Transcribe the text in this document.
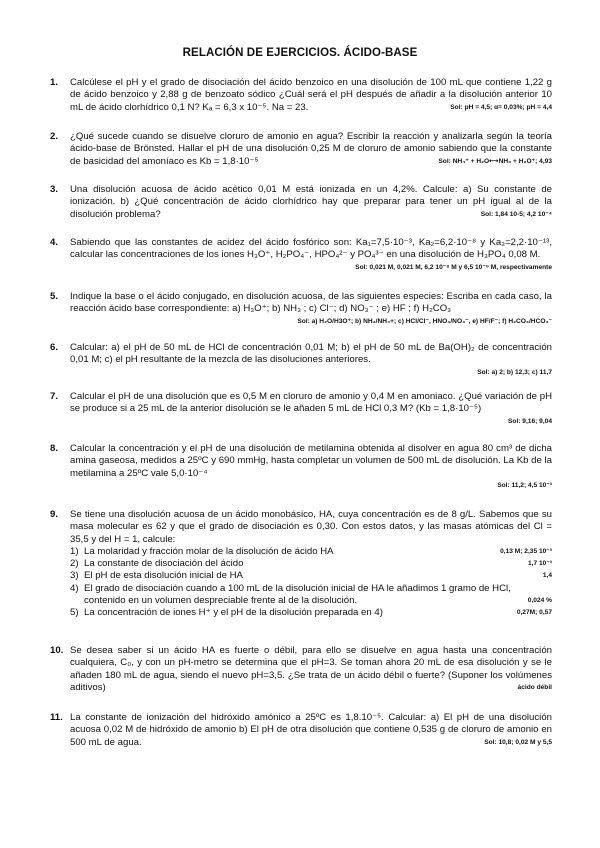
RELACIÓN DE EJERCICIOS. ÁCIDO-BASE
1. Calcúlese el pH y el grado de disociación del ácido benzoico en una disolución de 100 mL que contiene 1,22 g de ácido benzoico y 2,88 g de benzoato sódico ¿Cuál será el pH después de añadir a la disolución anterior 10 mL de ácido clorhídrico 0,1 N? Kₐ = 6,3 x 10⁻⁵. Na = 23.	Sol: pH = 4,5; α= 0,03%; pH = 4,4
2. ¿Qué sucede cuando se disuelve cloruro de amonio en agua? Escribir la reacción y analizarla según la teoría ácido-base de Brönsted. Hallar el pH de una disolución 0,25 M de cloruro de amonio sabiendo que la constante de basicidad del amoníaco es Kb = 1,8·10⁻⁵	Sol: NH₄⁺ + H₂O⟷NH₃ + H₃O⁺; 4,93
3. Una disolución acuosa de ácido acético 0,01 M está ionizada en un 4,2%. Calcule: a) Su constante de ionización. b) ¿Qué concentración de ácido clorhídrico hay que preparar para tener un pH igual al de la disolución problema?	Sol: 1,84 10-5; 4,2 10⁻⁴
4. Sabiendo que las constantes de acidez del ácido fosfórico son: Ka₁=7,5·10⁻³, Ka₂=6,2·10⁻⁸ y Ka₃=2,2·10⁻¹³, calcular las concentraciones de los iones H₃O⁺, H₂PO₄⁻, HPO₄²⁻ y PO₄³⁻ en una disolución de H₃PO₄ 0,08 M.
Sol: 0,021 M, 0,021 M, 6,2 10⁻⁸ M y 6,5 10⁻⁹ M, respectivamente
5. Indique la base o el ácido conjugado, en disolución acuosa, de las siguientes especies: Escriba en cada caso, la reacción ácido base correspondiente: a) H₃O⁺; b) NH₃ ; c) Cl⁻; d) NO₃⁻ ; e) HF ; f) H₂CO₃
Sol: a) H₂O/H3O⁺; b) NH₃/NH₄+; c) HCl/Cl⁻, HNO₃/NO₃⁻, e) HF/F⁻; f) H₂CO₃/HCO₃⁻
6. Calcular: a) el pH de 50 mL de HCl de concentración 0,01 M; b) el pH de 50 mL de Ba(OH)₂ de concentración 0,01 M; c) el pH resultante de la mezcla de las disoluciones anteriores.
Sol: a) 2; b) 12,3; c) 11,7
7. Calcular el pH de una disolución que es 0,5 M en cloruro de amonio y 0,4 M en amoniaco. ¿Qué variación de pH se produce si a 25 mL de la anterior disolución se le añaden 5 mL de HCl 0,3 M? (Kb = 1,8·10⁻⁵)
Sol: 9,16; 9,04
8. Calcular la concentración y el pH de una disolución de metilamina obtenida al disolver en agua 80 cm³ de dicha amina gaseosa, medidos a 25ºC y 690 mmHg, hasta completar un volumen de 500 mL de disolución. La Kb de la metilamina a 25ºC vale 5,0·10⁻⁴
Sol: 11,2; 4,5 10⁻³
9. Se tiene una disolución acuosa de un ácido monobásico, HA, cuya concentración es de 8 g/L. Sabemos que su masa molecular es 62 y que el grado de disociación es 0,30. Con estos datos, y las masas atómicas del Cl = 35,5 y del H = 1, calcule:
1) La molaridad y fracción molar de la disolución de ácido HA	0,13 M; 2,35 10⁻³
2) La constante de disociación del ácido	1,7 10⁻³
3) El pH de esta disolución inicial de HA	1,4
4) El grado de disociación cuando a 100 mL de la disolución inicial de HA le añadimos 1 gramo de HCl, contenido en un volumen despreciable frente al de la disolución.	0,024 %
5) La concentración de iones H⁺ y el pH de la disolución preparada en 4)	0,27M; 0,57
10. Se desea saber si un ácido HA es fuerte o débil, para ello se disuelve en agua hasta una concentración cualquiera, C₀, y con un pH-metro se determina que el pH=3. Se toman ahora 20 mL de esa disolución y se le añaden 180 mL de agua, siendo el nuevo pH=3,5. ¿Se trata de un ácido débil o fuerte? (Suponer los volúmenes aditivos)	ácido débil
11. La constante de ionización del hidróxido amónico a 25ºC es 1,8.10⁻⁵. Calcular: a) El pH de una disolución acuosa 0,02 M de hidróxido de amonio b) El pH de otra disolución que contiene 0,535 g de cloruro de amonio en 500 mL de agua.	Sol: 10,8; 0,02 M y 5,5
